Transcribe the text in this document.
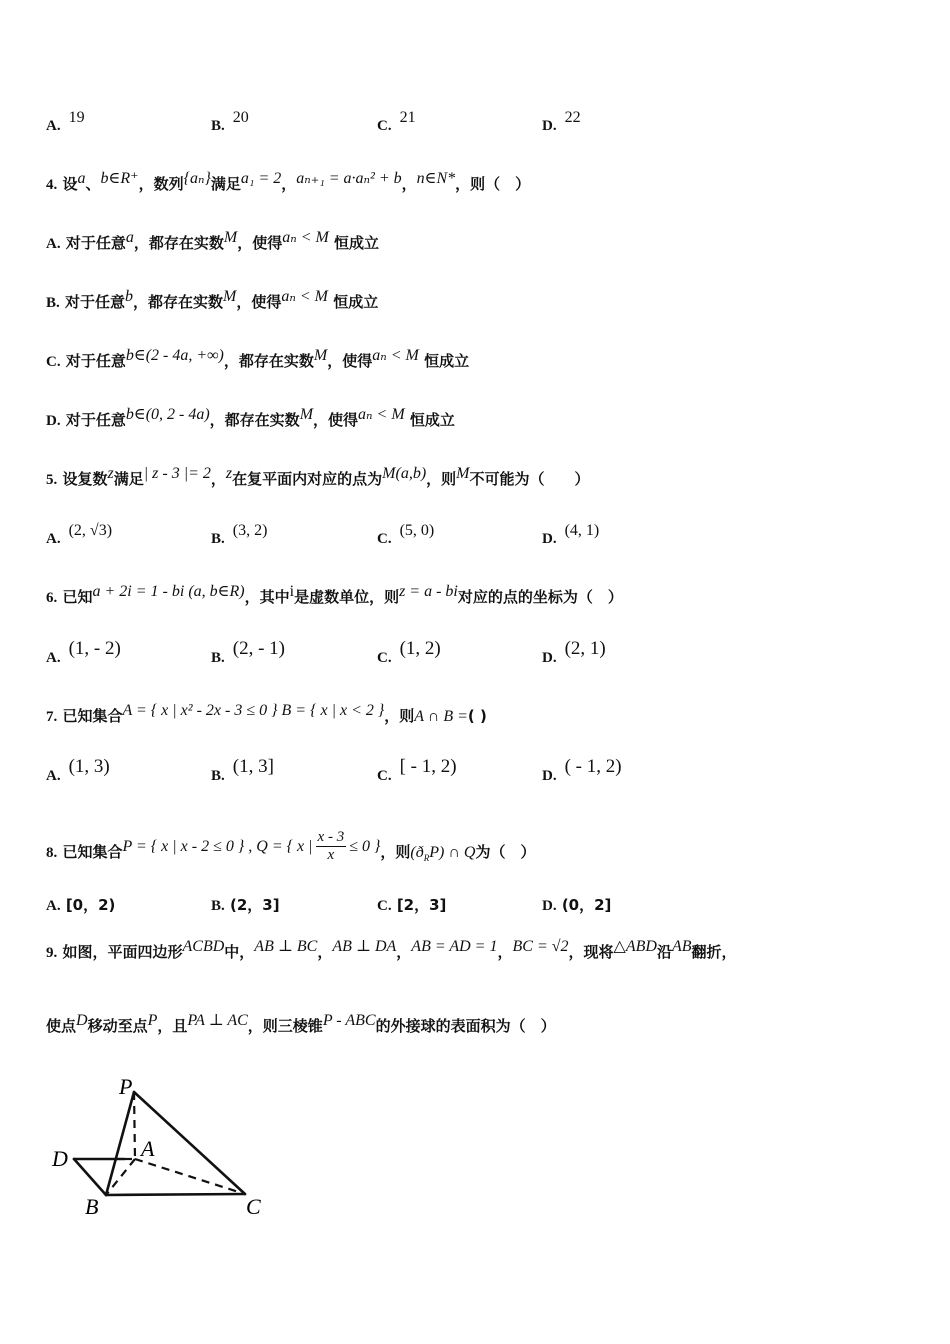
A. 19	B. 20	C. 21	D. 22
4. 设a、b∈R⁺，数列{aₙ}满足a₁ = 2，aₙ₊₁ = a·aₙ² + b，n∈N*，则（　）
A. 对于任意a，都存在实数M，使得aₙ < M 恒成立
B. 对于任意b，都存在实数M，使得aₙ < M 恒成立
C. 对于任意b∈(2 - 4a, +∞)，都存在实数M，使得aₙ < M 恒成立
D. 对于任意b∈(0, 2 - 4a)，都存在实数M，使得aₙ < M 恒成立
5. 设复数z满足| z - 3 |= 2，z在复平面内对应的点为M(a,b)，则M不可能为（　　）
A. (2, √3)	B. (3, 2)	C. (5, 0)	D. (4, 1)
6. 已知a + 2i = 1 - bi (a, b∈R)，其中i是虚数单位，则z = a - bi对应的点的坐标为（　）
A. (1, - 2)	B. (2, - 1)	C. (1, 2)	D. (2, 1)
7. 已知集合A = { x | x² - 2x - 3 ≤ 0 } B = { x | x < 2 }，则A ∩ B =( )
A. (1, 3)	B. (1, 3]	C. [ - 1, 2)	D. ( - 1, 2)
8. 已知集合P = { x | x - 2 ≤ 0 } , Q = { x | $\frac{x - 3}{x} \le 0$ }，则$(ð_RP)$ ∩ Q为（　）
A. [0，2)	B. (2，3]	C. [2，3]	D. (0，2]
9. 如图，平面四边形ACBD中，AB ⊥ BC，AB ⊥ DA，AB = AD = 1，BC = √2，现将△ABD沿AB翻折，
使点D移动至点P，且PA ⊥ AC，则三棱锥P - ABC的外接球的表面积为（　）
P
A
D
B	C
